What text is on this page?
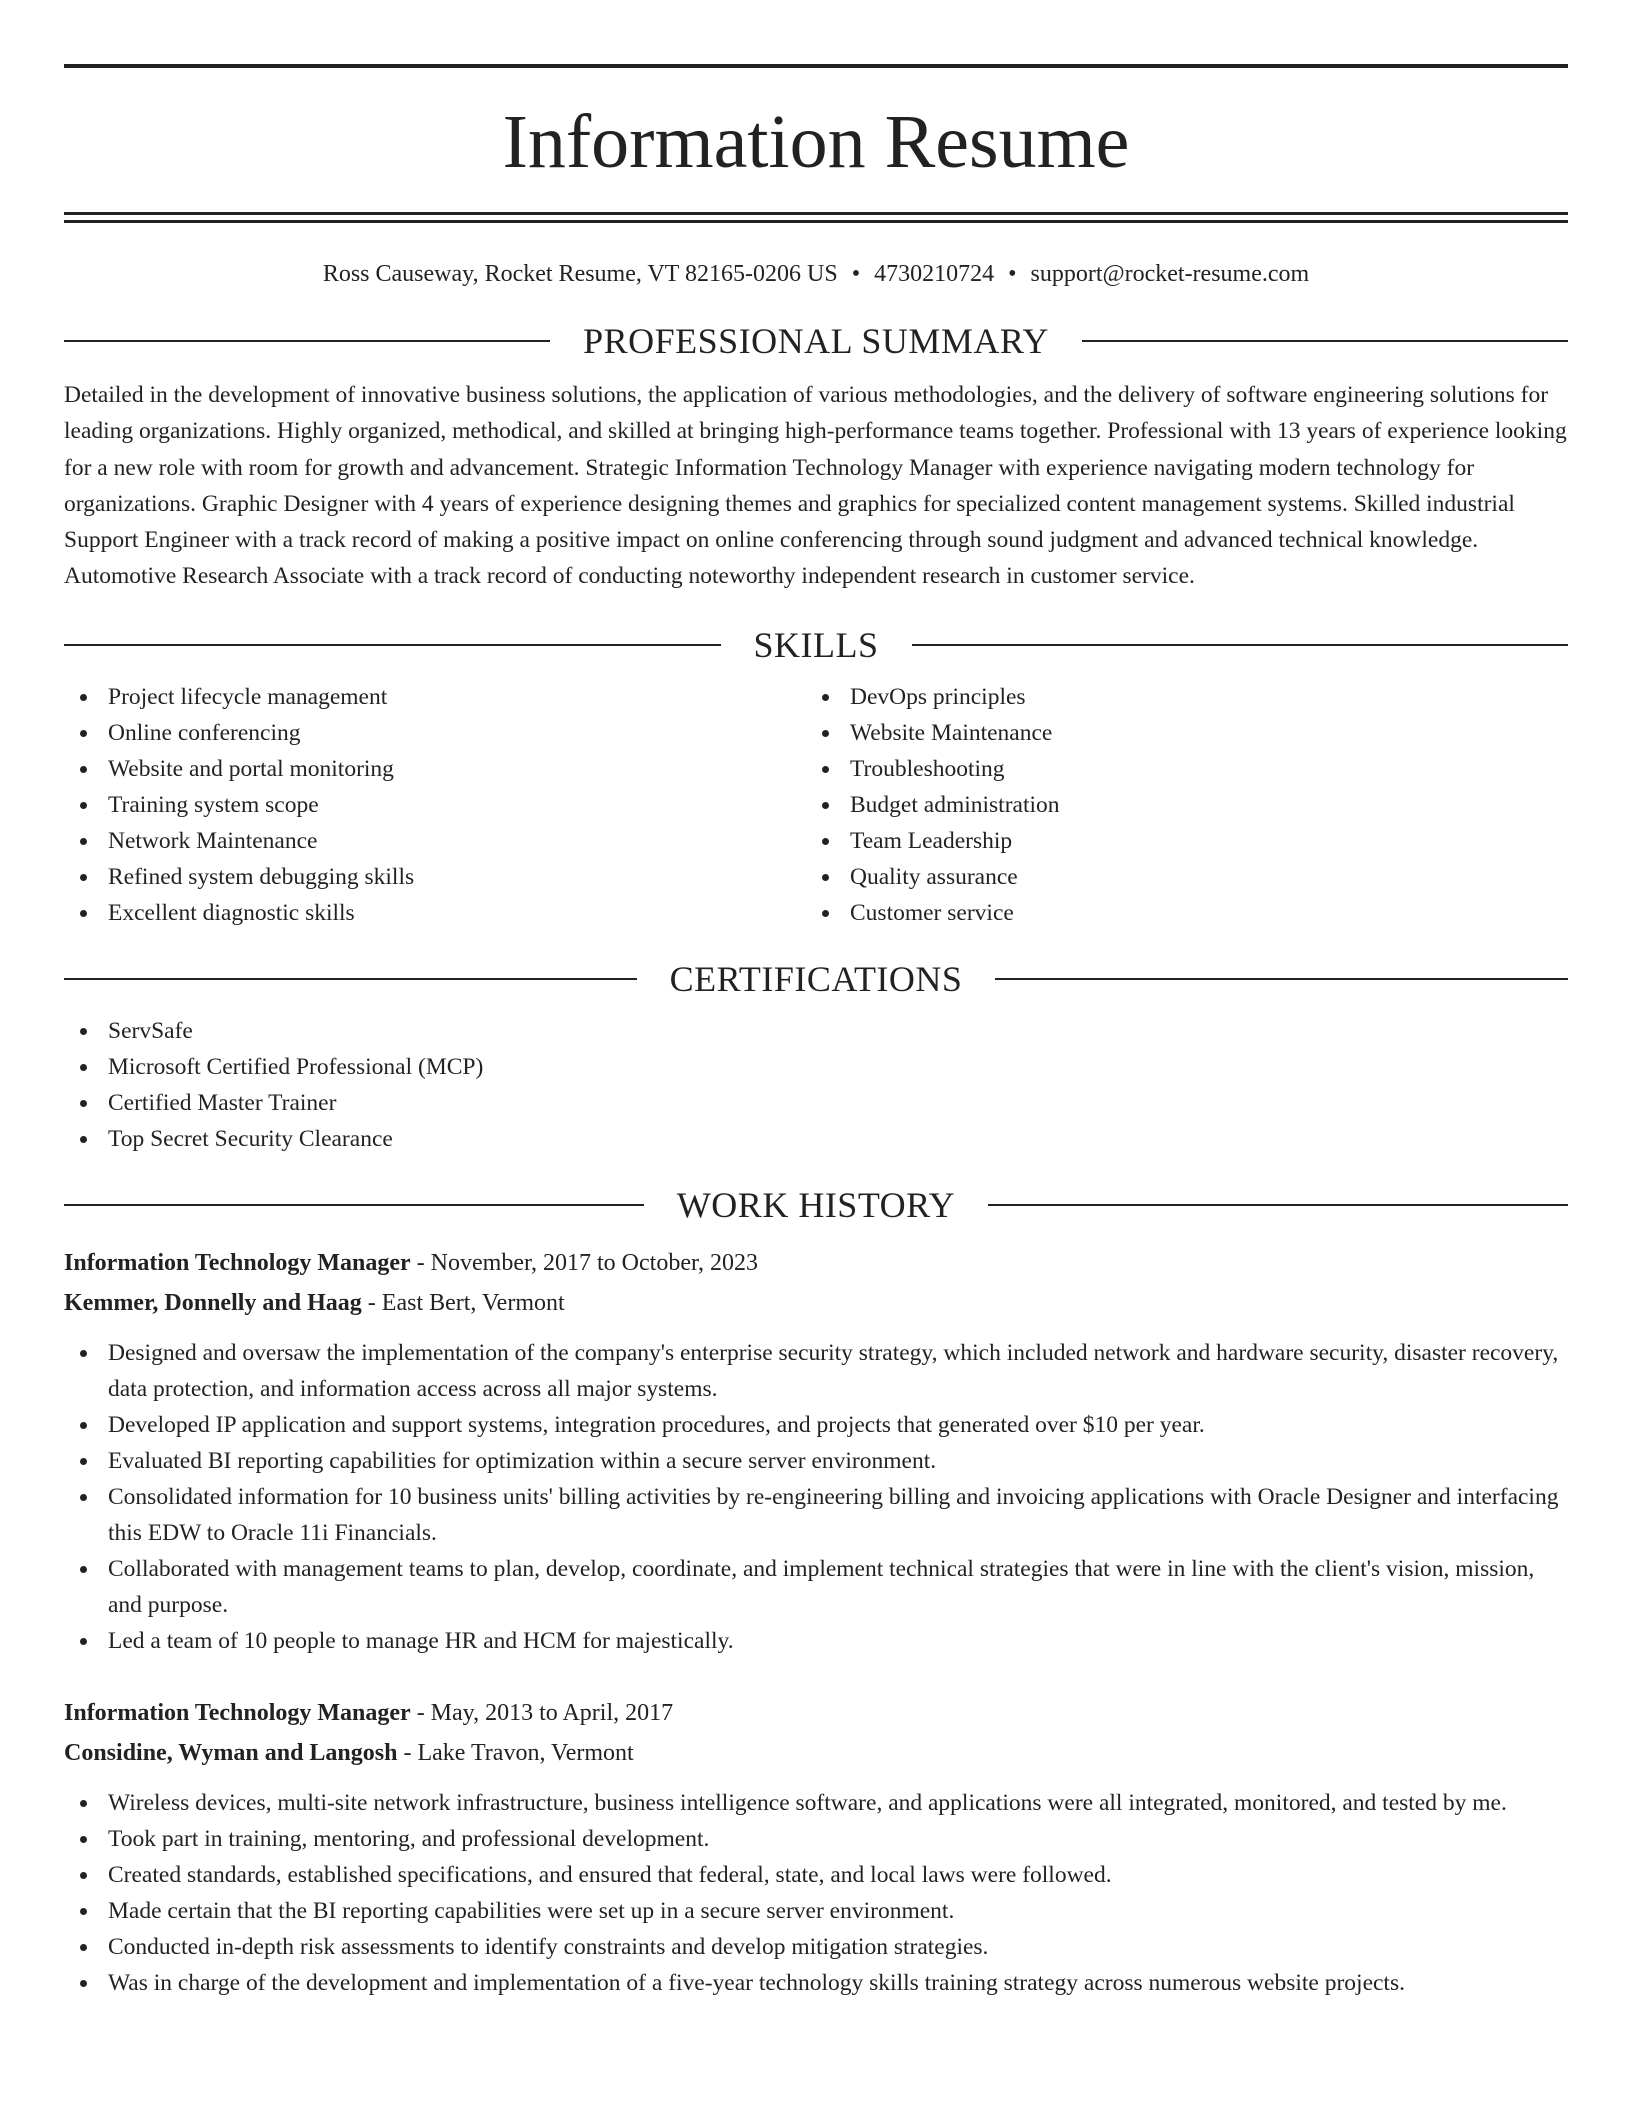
Information Resume
Ross Causeway, Rocket Resume, VT 82165-0206 US • 4730210724 • support@rocket-resume.com
PROFESSIONAL SUMMARY

Detailed in the development of innovative business solutions, the application of various methodologies, and the delivery of software engineering solutions for leading organizations. Highly organized, methodical, and skilled at bringing high-performance teams together. Professional with 13 years of experience looking for a new role with room for growth and advancement. Strategic Information Technology Manager with experience navigating modern technology for organizations. Graphic Designer with 4 years of experience designing themes and graphics for specialized content management systems. Skilled industrial Support Engineer with a track record of making a positive impact on online conferencing through sound judgment and advanced technical knowledge. Automotive Research Associate with a track record of conducting noteworthy independent research in customer service.

SKILLS
Project lifecycle management
Online conferencing
Website and portal monitoring
Training system scope
Network Maintenance
Refined system debugging skills
Excellent diagnostic skills
DevOps principles
Website Maintenance
Troubleshooting
Budget administration
Team Leadership
Quality assurance
Customer service
CERTIFICATIONS
ServSafe
Microsoft Certified Professional (MCP)
Certified Master Trainer
Top Secret Security Clearance
WORK HISTORY
Information Technology Manager - November, 2017 to October, 2023
Kemmer, Donnelly and Haag - East Bert, Vermont
Designed and oversaw the implementation of the company's enterprise security strategy, which included network and hardware security, disaster recovery, data protection, and information access across all major systems.
Developed IP application and support systems, integration procedures, and projects that generated over $10 per year.
Evaluated BI reporting capabilities for optimization within a secure server environment.
Consolidated information for 10 business units' billing activities by re-engineering billing and invoicing applications with Oracle Designer and interfacing this EDW to Oracle 11i Financials.
Collaborated with management teams to plan, develop, coordinate, and implement technical strategies that were in line with the client's vision, mission, and purpose.
Led a team of 10 people to manage HR and HCM for majestically.
Information Technology Manager - May, 2013 to April, 2017
Considine, Wyman and Langosh - Lake Travon, Vermont
Wireless devices, multi-site network infrastructure, business intelligence software, and applications were all integrated, monitored, and tested by me.
Took part in training, mentoring, and professional development.
Created standards, established specifications, and ensured that federal, state, and local laws were followed.
Made certain that the BI reporting capabilities were set up in a secure server environment.
Conducted in-depth risk assessments to identify constraints and develop mitigation strategies.
Was in charge of the development and implementation of a five-year technology skills training strategy across numerous website projects.
